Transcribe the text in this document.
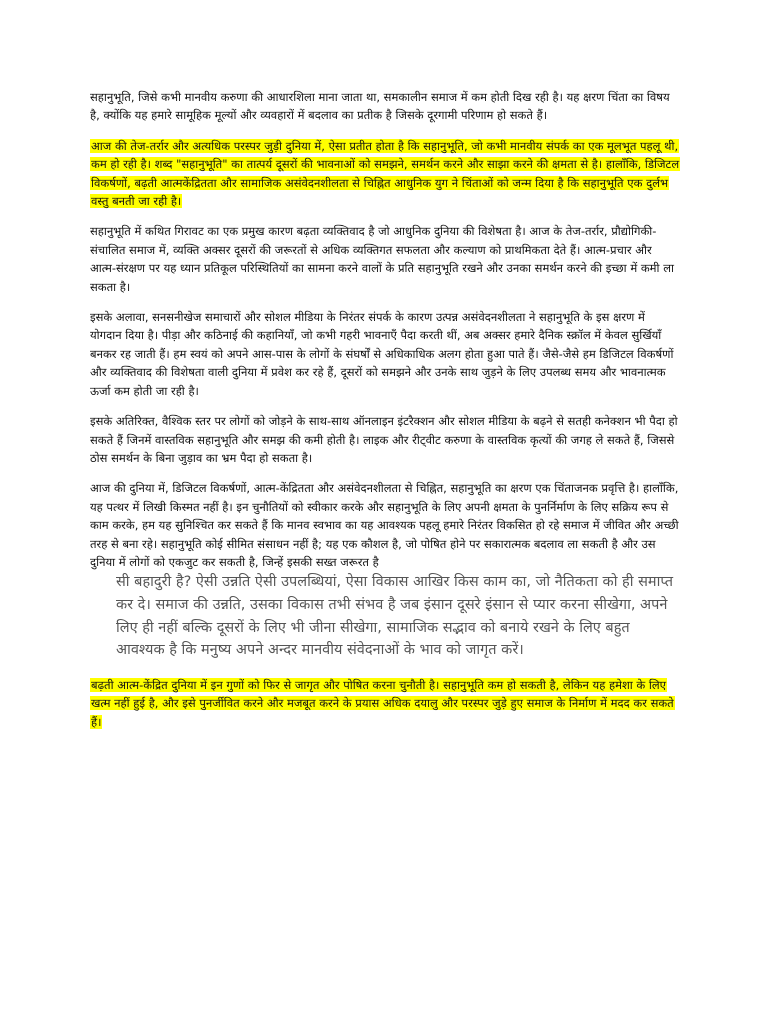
सहानुभूति, जिसे कभी मानवीय करुणा की आधारशिला माना जाता था, समकालीन समाज में कम होती दिख रही है। यह क्षरण चिंता का विषय है, क्योंकि यह हमारे सामूहिक मूल्यों और व्यवहारों में बदलाव का प्रतीक है जिसके दूरगामी परिणाम हो सकते हैं।

आज की तेज-तर्रार और अत्यधिक परस्पर जुड़ी दुनिया में, ऐसा प्रतीत होता है कि सहानुभूति, जो कभी मानवीय संपर्क का एक मूलभूत पहलू थी, कम हो रही है। शब्द "सहानुभूति" का तात्पर्य दूसरों की भावनाओं को समझने, समर्थन करने और साझा करने की क्षमता से है। हालाँकि, डिजिटल विकर्षणों, बढ़ती आत्मकेंद्रितता और सामाजिक असंवेदनशीलता से चिह्नित आधुनिक युग ने चिंताओं को जन्म दिया है कि सहानुभूति एक दुर्लभ वस्तु बनती जा रही है।

सहानुभूति में कथित गिरावट का एक प्रमुख कारण बढ़ता व्यक्तिवाद है जो आधुनिक दुनिया की विशेषता है। आज के तेज-तर्रार, प्रौद्योगिकी-संचालित समाज में, व्यक्ति अक्सर दूसरों की जरूरतों से अधिक व्यक्तिगत सफलता और कल्याण को प्राथमिकता देते हैं। आत्म-प्रचार और आत्म-संरक्षण पर यह ध्यान प्रतिकूल परिस्थितियों का सामना करने वालों के प्रति सहानुभूति रखने और उनका समर्थन करने की इच्छा में कमी ला सकता है।

इसके अलावा, सनसनीखेज समाचारों और सोशल मीडिया के निरंतर संपर्क के कारण उत्पन्न असंवेदनशीलता ने सहानुभूति के इस क्षरण में योगदान दिया है। पीड़ा और कठिनाई की कहानियाँ, जो कभी गहरी भावनाएँ पैदा करती थीं, अब अक्सर हमारे दैनिक स्क्रॉल में केवल सुर्खियाँ बनकर रह जाती हैं। हम स्वयं को अपने आस-पास के लोगों के संघर्षों से अधिकाधिक अलग होता हुआ पाते हैं। जैसे-जैसे हम डिजिटल विकर्षणों और व्यक्तिवाद की विशेषता वाली दुनिया में प्रवेश कर रहे हैं, दूसरों को समझने और उनके साथ जुड़ने के लिए उपलब्ध समय और भावनात्मक ऊर्जा कम होती जा रही है।

इसके अतिरिक्त, वैश्विक स्तर पर लोगों को जोड़ने के साथ-साथ ऑनलाइन इंटरैक्शन और सोशल मीडिया के बढ़ने से सतही कनेक्शन भी पैदा हो सकते हैं जिनमें वास्तविक सहानुभूति और समझ की कमी होती है। लाइक और रीट्वीट करुणा के वास्तविक कृत्यों की जगह ले सकते हैं, जिससे ठोस समर्थन के बिना जुड़ाव का भ्रम पैदा हो सकता है।

आज की दुनिया में, डिजिटल विकर्षणों, आत्म-केंद्रितता और असंवेदनशीलता से चिह्नित, सहानुभूति का क्षरण एक चिंताजनक प्रवृत्ति है। हालाँकि, यह पत्थर में लिखी किस्मत नहीं है। इन चुनौतियों को स्वीकार करके और सहानुभूति के लिए अपनी क्षमता के पुनर्निर्माण के लिए सक्रिय रूप से काम करके, हम यह सुनिश्चित कर सकते हैं कि मानव स्वभाव का यह आवश्यक पहलू हमारे निरंतर विकसित हो रहे समाज में जीवित और अच्छी तरह से बना रहे। सहानुभूति कोई सीमित संसाधन नहीं है; यह एक कौशल है, जो पोषित होने पर सकारात्मक बदलाव ला सकती है और उस दुनिया में लोगों को एकजुट कर सकती है, जिन्हें इसकी सख्त जरूरत है

सी बहादुरी है? ऐसी उन्नति ऐसी उपलब्धियां, ऐसा विकास आखिर किस काम का, जो नैतिकता को ही समाप्त कर दे। समाज की उन्नति, उसका विकास तभी संभव है जब इंसान दूसरे इंसान से प्यार करना सीखेगा, अपने लिए ही नहीं बल्कि दूसरों के लिए भी जीना सीखेगा, सामाजिक सद्भाव को बनाये रखने के लिए बहुत आवश्यक है कि मनुष्य अपने अन्दर मानवीय संवेदनाओं के भाव को जागृत करें।

बढ़ती आत्म-केंद्रित दुनिया में इन गुणों को फिर से जागृत और पोषित करना चुनौती है। सहानुभूति कम हो सकती है, लेकिन यह हमेशा के लिए खत्म नहीं हुई है, और इसे पुनर्जीवित करने और मजबूत करने के प्रयास अधिक दयालु और परस्पर जुड़े हुए समाज के निर्माण में मदद कर सकते हैं।
